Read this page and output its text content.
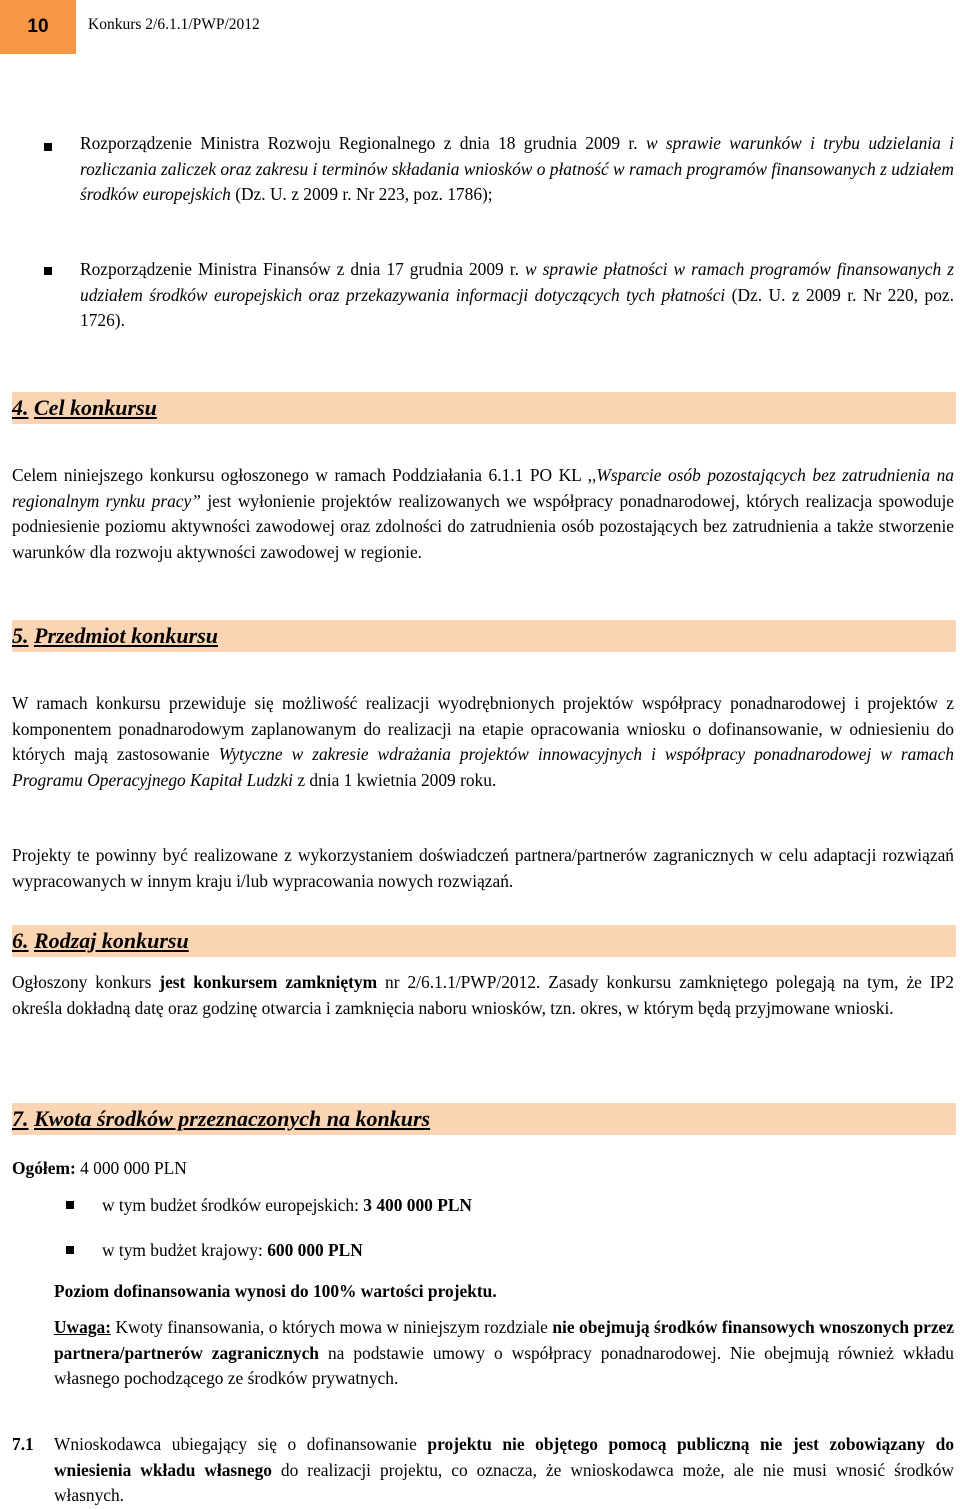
10	Konkurs 2/6.1.1/PWP/2012
Rozporządzenie Ministra Rozwoju Regionalnego z dnia 18 grudnia 2009 r. w sprawie warunków i trybu udzielania i rozliczania zaliczek oraz zakresu i terminów składania wniosków o płatność w ramach programów finansowanych z udziałem środków europejskich (Dz. U. z 2009 r. Nr 223, poz. 1786);
Rozporządzenie Ministra Finansów z dnia 17 grudnia 2009 r. w sprawie płatności w ramach programów finansowanych z udziałem środków europejskich oraz przekazywania informacji dotyczących tych płatności (Dz. U. z 2009 r. Nr 220, poz. 1726).
4. Cel konkursu
Celem niniejszego konkursu ogłoszonego w ramach Poddziałania 6.1.1 PO KL ,,Wsparcie osób pozostających bez zatrudnienia na regionalnym rynku pracy” jest wyłonienie projektów realizowanych we współpracy ponadnarodowej, których realizacja spowoduje podniesienie poziomu aktywności zawodowej oraz zdolności do zatrudnienia osób pozostających bez zatrudnienia a także stworzenie warunków dla rozwoju aktywności zawodowej w regionie.
5. Przedmiot konkursu
W ramach konkursu przewiduje się możliwość realizacji wyodrębnionych projektów współpracy ponadnarodowej i projektów z komponentem ponadnarodowym zaplanowanym do realizacji na etapie opracowania wniosku o dofinansowanie, w odniesieniu do których mają zastosowanie Wytyczne w zakresie wdrażania projektów innowacyjnych i współpracy ponadnarodowej w ramach Programu Operacyjnego Kapitał Ludzki z dnia 1 kwietnia 2009 roku.
Projekty te powinny być realizowane z wykorzystaniem doświadczeń partnera/partnerów zagranicznych w celu adaptacji rozwiązań wypracowanych w innym kraju i/lub wypracowania nowych rozwiązań.
6. Rodzaj konkursu
Ogłoszony konkurs jest konkursem zamkniętym nr 2/6.1.1/PWP/2012. Zasady konkursu zamkniętego polegają na tym, że IP2 określa dokładną datę oraz godzinę otwarcia i zamknięcia naboru wniosków, tzn. okres, w którym będą przyjmowane wnioski.
7. Kwota środków przeznaczonych na konkurs
Ogółem: 4 000 000 PLN
w tym budżet środków europejskich: 3 400 000 PLN
w tym budżet krajowy: 600 000 PLN
Poziom dofinansowania wynosi do 100% wartości projektu.
Uwaga: Kwoty finansowania, o których mowa w niniejszym rozdziale nie obejmują środków finansowych wnoszonych przez partnera/partnerów zagranicznych na podstawie umowy o współpracy ponadnarodowej. Nie obejmują również wkładu własnego pochodzącego ze środków prywatnych.
7.1	Wnioskodawca ubiegający się o dofinansowanie projektu nie objętego pomocą publiczną nie jest zobowiązany do wniesienia wkładu własnego do realizacji projektu, co oznacza, że wnioskodawca może, ale nie musi wnosić środków własnych.
